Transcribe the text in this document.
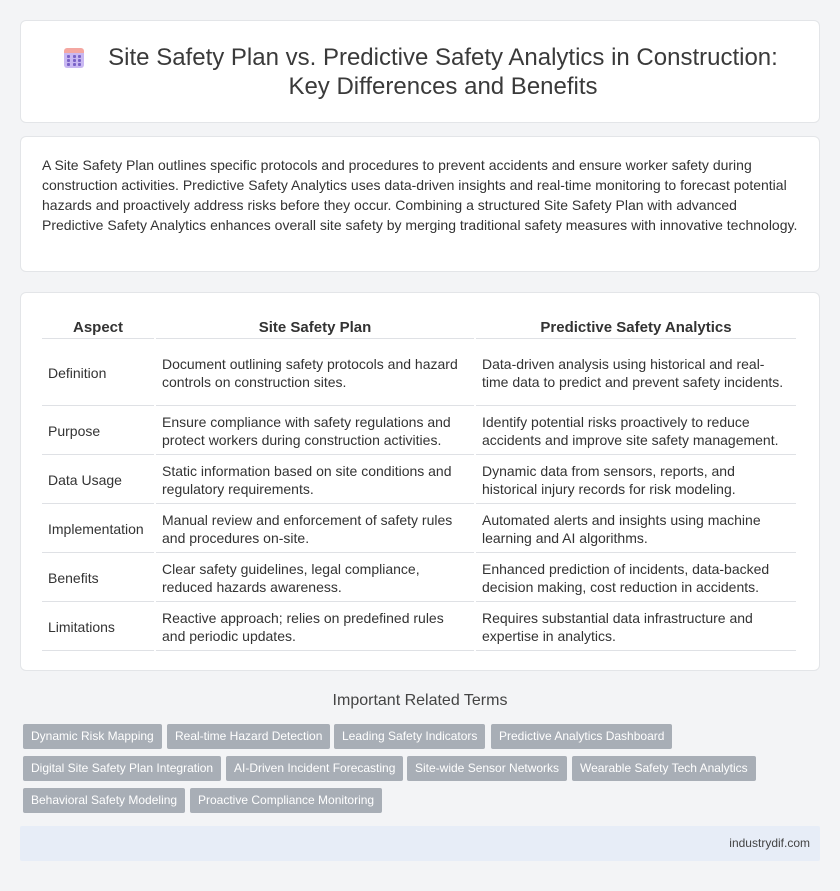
Site Safety Plan vs. Predictive Safety Analytics in Construction:
Key Differences and Benefits

A Site Safety Plan outlines specific protocols and procedures to prevent accidents and ensure worker safety during construction activities. Predictive Safety Analytics uses data-driven insights and real-time monitoring to forecast potential hazards and proactively address risks before they occur. Combining a structured Site Safety Plan with advanced Predictive Safety Analytics enhances overall site safety by merging traditional safety measures with innovative technology.

Aspect	Site Safety Plan	Predictive Safety Analytics
Definition	Document outlining safety protocols and hazard controls on construction sites.	Data-driven analysis using historical and real-time data to predict and prevent safety incidents.
Purpose	Ensure compliance with safety regulations and protect workers during construction activities.	Identify potential risks proactively to reduce accidents and improve site safety management.
Data Usage	Static information based on site conditions and regulatory requirements.	Dynamic data from sensors, reports, and historical injury records for risk modeling.
Implementation	Manual review and enforcement of safety rules and procedures on-site.	Automated alerts and insights using machine learning and AI algorithms.
Benefits	Clear safety guidelines, legal compliance, reduced hazards awareness.	Enhanced prediction of incidents, data-backed decision making, cost reduction in accidents.
Limitations	Reactive approach; relies on predefined rules and periodic updates.	Requires substantial data infrastructure and expertise in analytics.
Important Related Terms
Dynamic Risk Mapping	Real-time Hazard Detection	Leading Safety Indicators	Predictive Analytics Dashboard
Digital Site Safety Plan Integration	AI-Driven Incident Forecasting	Site-wide Sensor Networks	Wearable Safety Tech Analytics
Behavioral Safety Modeling	Proactive Compliance Monitoring
industrydif.com
